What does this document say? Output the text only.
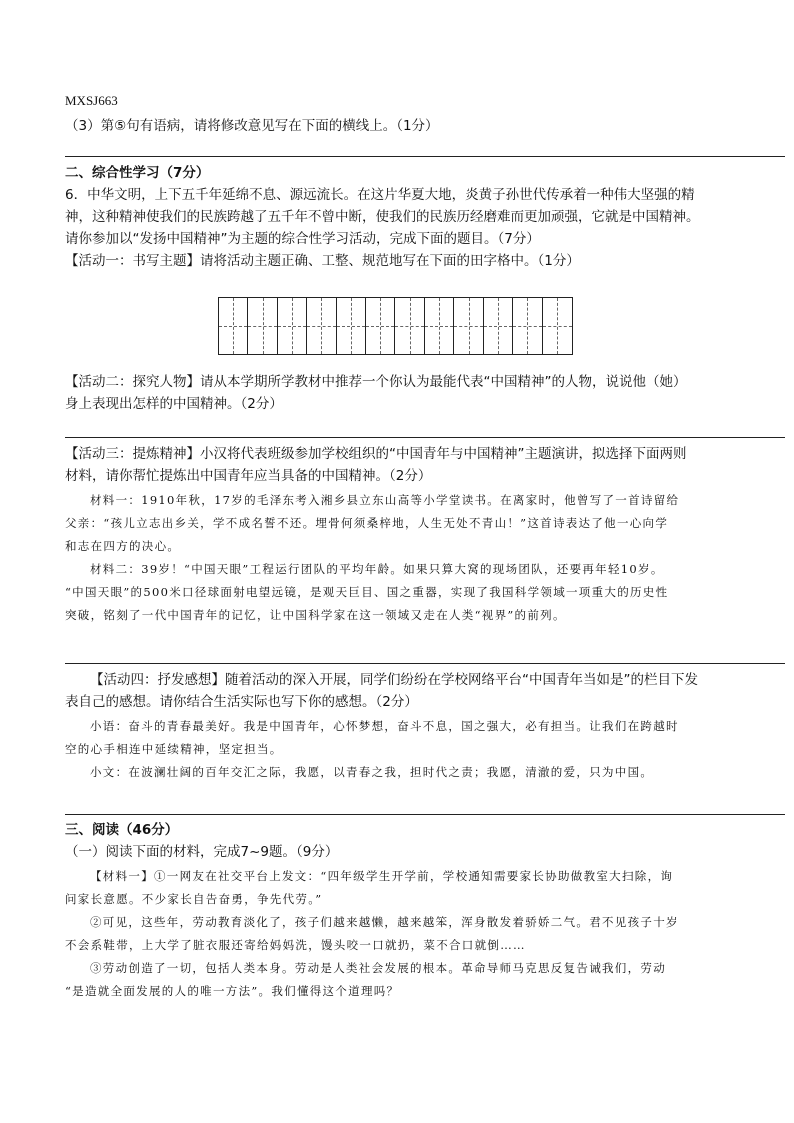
MXSJ663
（3）第⑤句有语病，请将修改意见写在下面的横线上。（1分）
二、综合性学习（7分）
6．中华文明，上下五千年延绵不息、源远流长。在这片华夏大地，炎黄子孙世代传承着一种伟大坚强的精
神，这种精神使我们的民族跨越了五千年不曾中断，使我们的民族历经磨难而更加顽强，它就是中国精神。
请你参加以“发扬中国精神”为主题的综合性学习活动，完成下面的题目。（7分）
【活动一：书写主题】请将活动主题正确、工整、规范地写在下面的田字格中。（1分）
【活动二：探究人物】请从本学期所学教材中推荐一个你认为最能代表“中国精神”的人物，说说他（她）
身上表现出怎样的中国精神。（2分）
【活动三：提炼精神】小汉将代表班级参加学校组织的“中国青年与中国精神”主题演讲，拟选择下面两则
材料，请你帮忙提炼出中国青年应当具备的中国精神。（2分）
材料一：1910年秋，17岁的毛泽东考入湘乡县立东山高等小学堂读书。在离家时，他曾写了一首诗留给
父亲：“孩儿立志出乡关，学不成名誓不还。埋骨何须桑梓地，人生无处不青山！”这首诗表达了他一心向学
和志在四方的决心。
材料二：39岁！“中国天眼”工程运行团队的平均年龄。如果只算大窝的现场团队，还要再年轻10岁。
“中国天眼”的500米口径球面射电望远镜，是观天巨目、国之重器，实现了我国科学领域一项重大的历史性
突破，铭刻了一代中国青年的记忆，让中国科学家在这一领域又走在人类“视界”的前列。
【活动四：抒发感想】随着活动的深入开展，同学们纷纷在学校网络平台“中国青年当如是”的栏目下发
表自己的感想。请你结合生活实际也写下你的感想。（2分）
小语：奋斗的青春最美好。我是中国青年，心怀梦想，奋斗不息，国之强大，必有担当。让我们在跨越时
空的心手相连中延续精神，坚定担当。
小文：在波澜壮阔的百年交汇之际，我愿，以青春之我，担时代之责；我愿，清澈的爱，只为中国。
三、阅读（46分）
（一）阅读下面的材料，完成7~9题。（9分）
【材料一】①一网友在社交平台上发文：“四年级学生开学前，学校通知需要家长协助做教室大扫除，询
问家长意愿。不少家长自告奋勇，争先代劳。”
②可见，这些年，劳动教育淡化了，孩子们越来越懒，越来越笨，浑身散发着骄娇二气。君不见孩子十岁
不会系鞋带，上大学了脏衣服还寄给妈妈洗，馒头咬一口就扔，菜不合口就倒……
③劳动创造了一切，包括人类本身。劳动是人类社会发展的根本。革命导师马克思反复告诫我们，劳动
“是造就全面发展的人的唯一方法”。我们懂得这个道理吗？
